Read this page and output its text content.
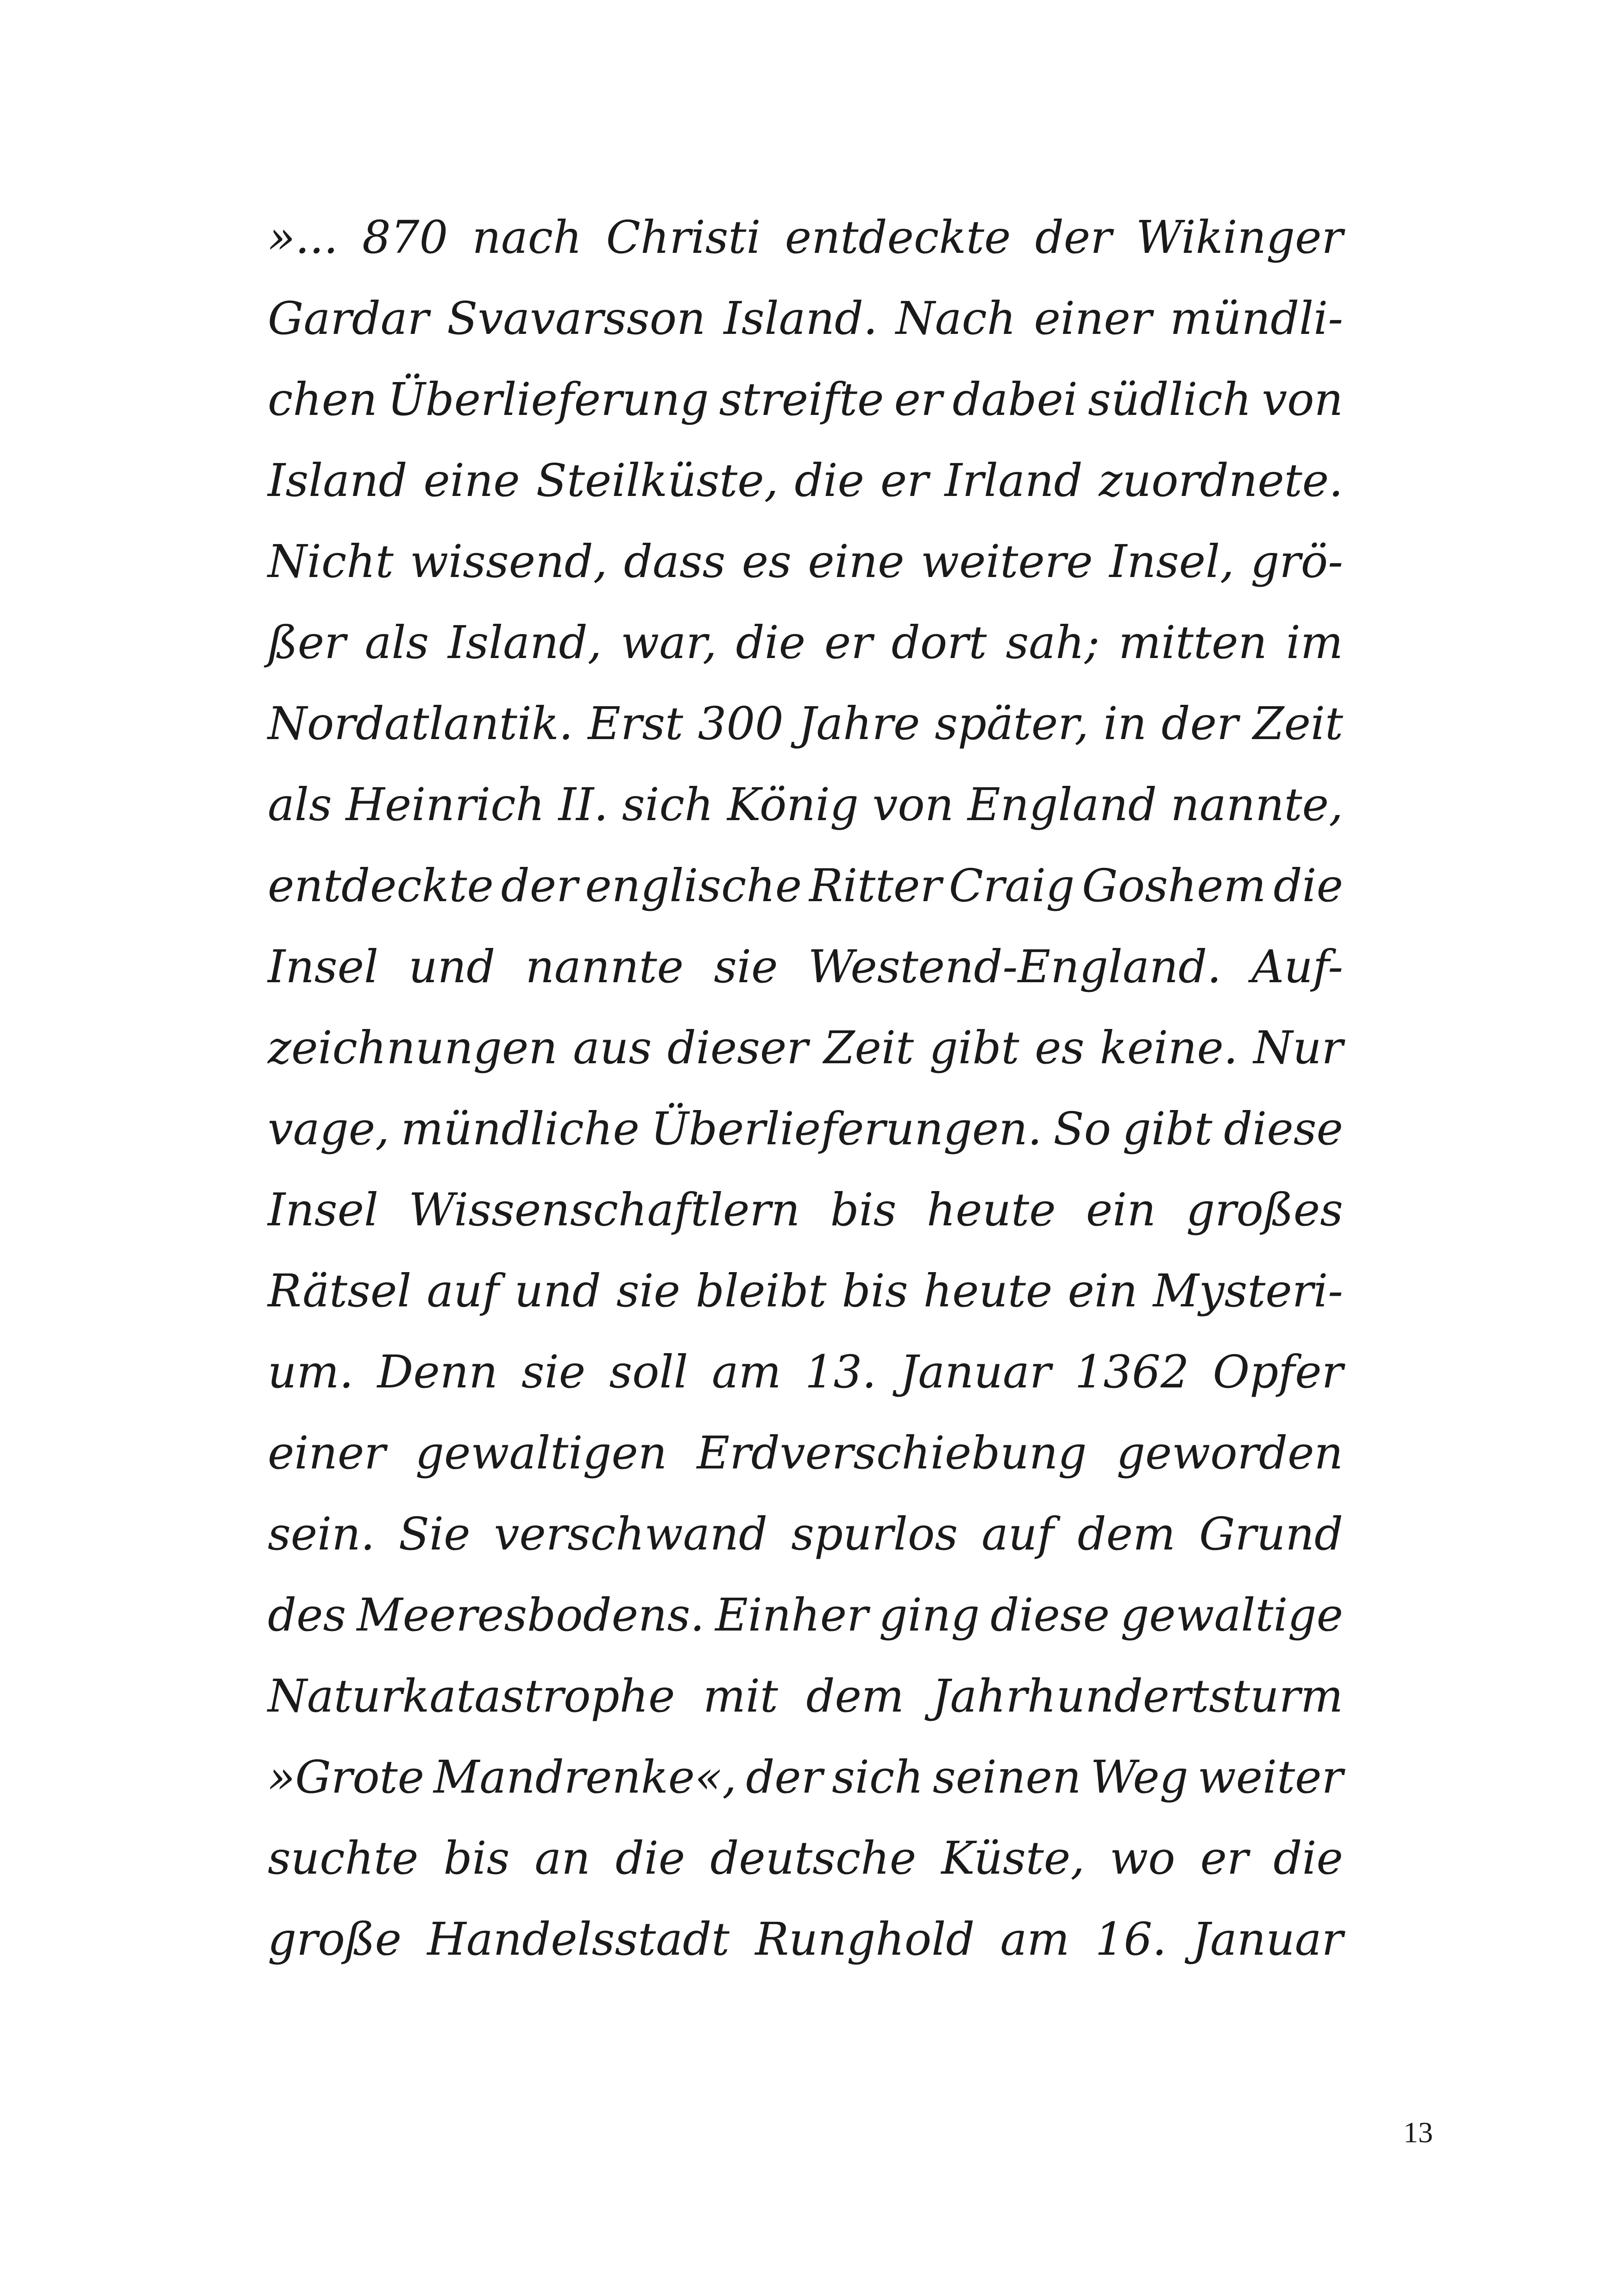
»... 870 nach Christi entdeckte der Wikinger
Gardar Svavarsson Island. Nach einer mündli-
chen Überlieferung streifte er dabei südlich von
Island eine Steilküste, die er Irland zuordnete.
Nicht wissend, dass es eine weitere Insel, grö-
ßer als Island, war, die er dort sah; mitten im
Nordatlantik. Erst 300 Jahre später, in der Zeit
als Heinrich II. sich König von England nannte,
entdeckte der englische Ritter Craig Goshem die
Insel und nannte sie Westend-England. Auf-
zeichnungen aus dieser Zeit gibt es keine. Nur
vage, mündliche Überlieferungen. So gibt diese
Insel Wissenschaftlern bis heute ein großes
Rätsel auf und sie bleibt bis heute ein Mysteri-
um. Denn sie soll am 13. Januar 1362 Opfer
einer gewaltigen Erdverschiebung geworden
sein. Sie verschwand spurlos auf dem Grund
des Meeresbodens. Einher ging diese gewaltige
Naturkatastrophe mit dem Jahrhundertsturm
»Grote Mandrenke«, der sich seinen Weg weiter
suchte bis an die deutsche Küste, wo er die
große Handelsstadt Runghold am 16. Januar
13
